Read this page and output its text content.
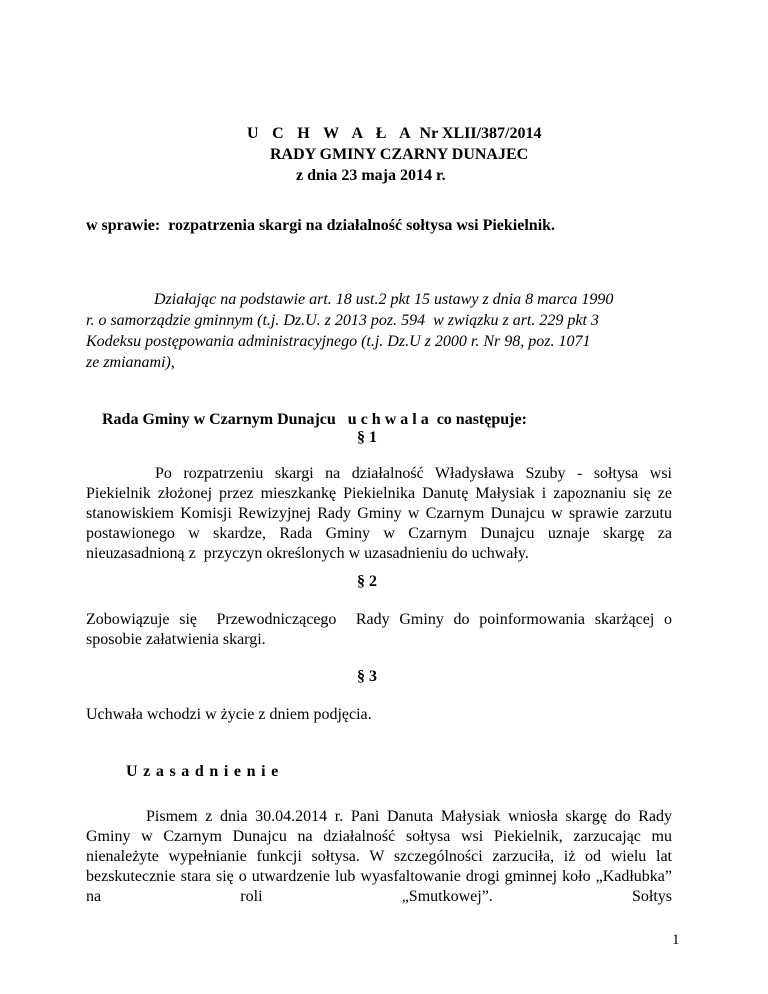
U C H W A Ł A Nr XLII/387/2014
RADY GMINY CZARNY DUNAJEC
z dnia 23 maja 2014 r.
w sprawie:  rozpatrzenia skargi na działalność sołtysa wsi Piekielnik.
Działając na podstawie art. 18 ust.2 pkt 15 ustawy z dnia 8 marca 1990
r. o samorządzie gminnym (t.j. Dz.U. z 2013 poz. 594  w związku z art. 229 pkt 3
Kodeksu postępowania administracyjnego (t.j. Dz.U z 2000 r. Nr 98, poz. 1071
ze zmianami),

Rada Gminy w Czarnym Dunajcu u c h w a l a co następuje:

§ 1
Po rozpatrzeniu skargi na działalność Władysława Szuby - sołtysa wsi Piekielnik złożonej przez mieszkankę Piekielnika Danutę Małysiak i zapoznaniu się ze stanowiskiem Komisji Rewizyjnej Rady Gminy w Czarnym Dunajcu w sprawie zarzutu postawionego w skardze, Rada Gminy w Czarnym Dunajcu uznaje skargę za nieuzasadnioną z  przyczyn określonych w uzasadnieniu do uchwały.
§ 2
Zobowiązuje się  Przewodniczącego  Rady Gminy do poinformowania skarżącej o sposobie załatwienia skargi.
§ 3
Uchwała wchodzi w życie z dniem podjęcia.
U z a s a d n i e n i e
Pismem z dnia 30.04.2014 r. Pani Danuta Małysiak wniosła skargę do Rady Gminy w Czarnym Dunajcu na działalność sołtysa wsi Piekielnik, zarzucając mu nienależyte wypełnianie funkcji sołtysa. W szczególności zarzuciła, iż od wielu lat bezskutecznie stara się o utwardzenie lub wyasfaltowanie drogi gminnej koło „Kadłubka” na roli „Smutkowej”. Sołtys
1
